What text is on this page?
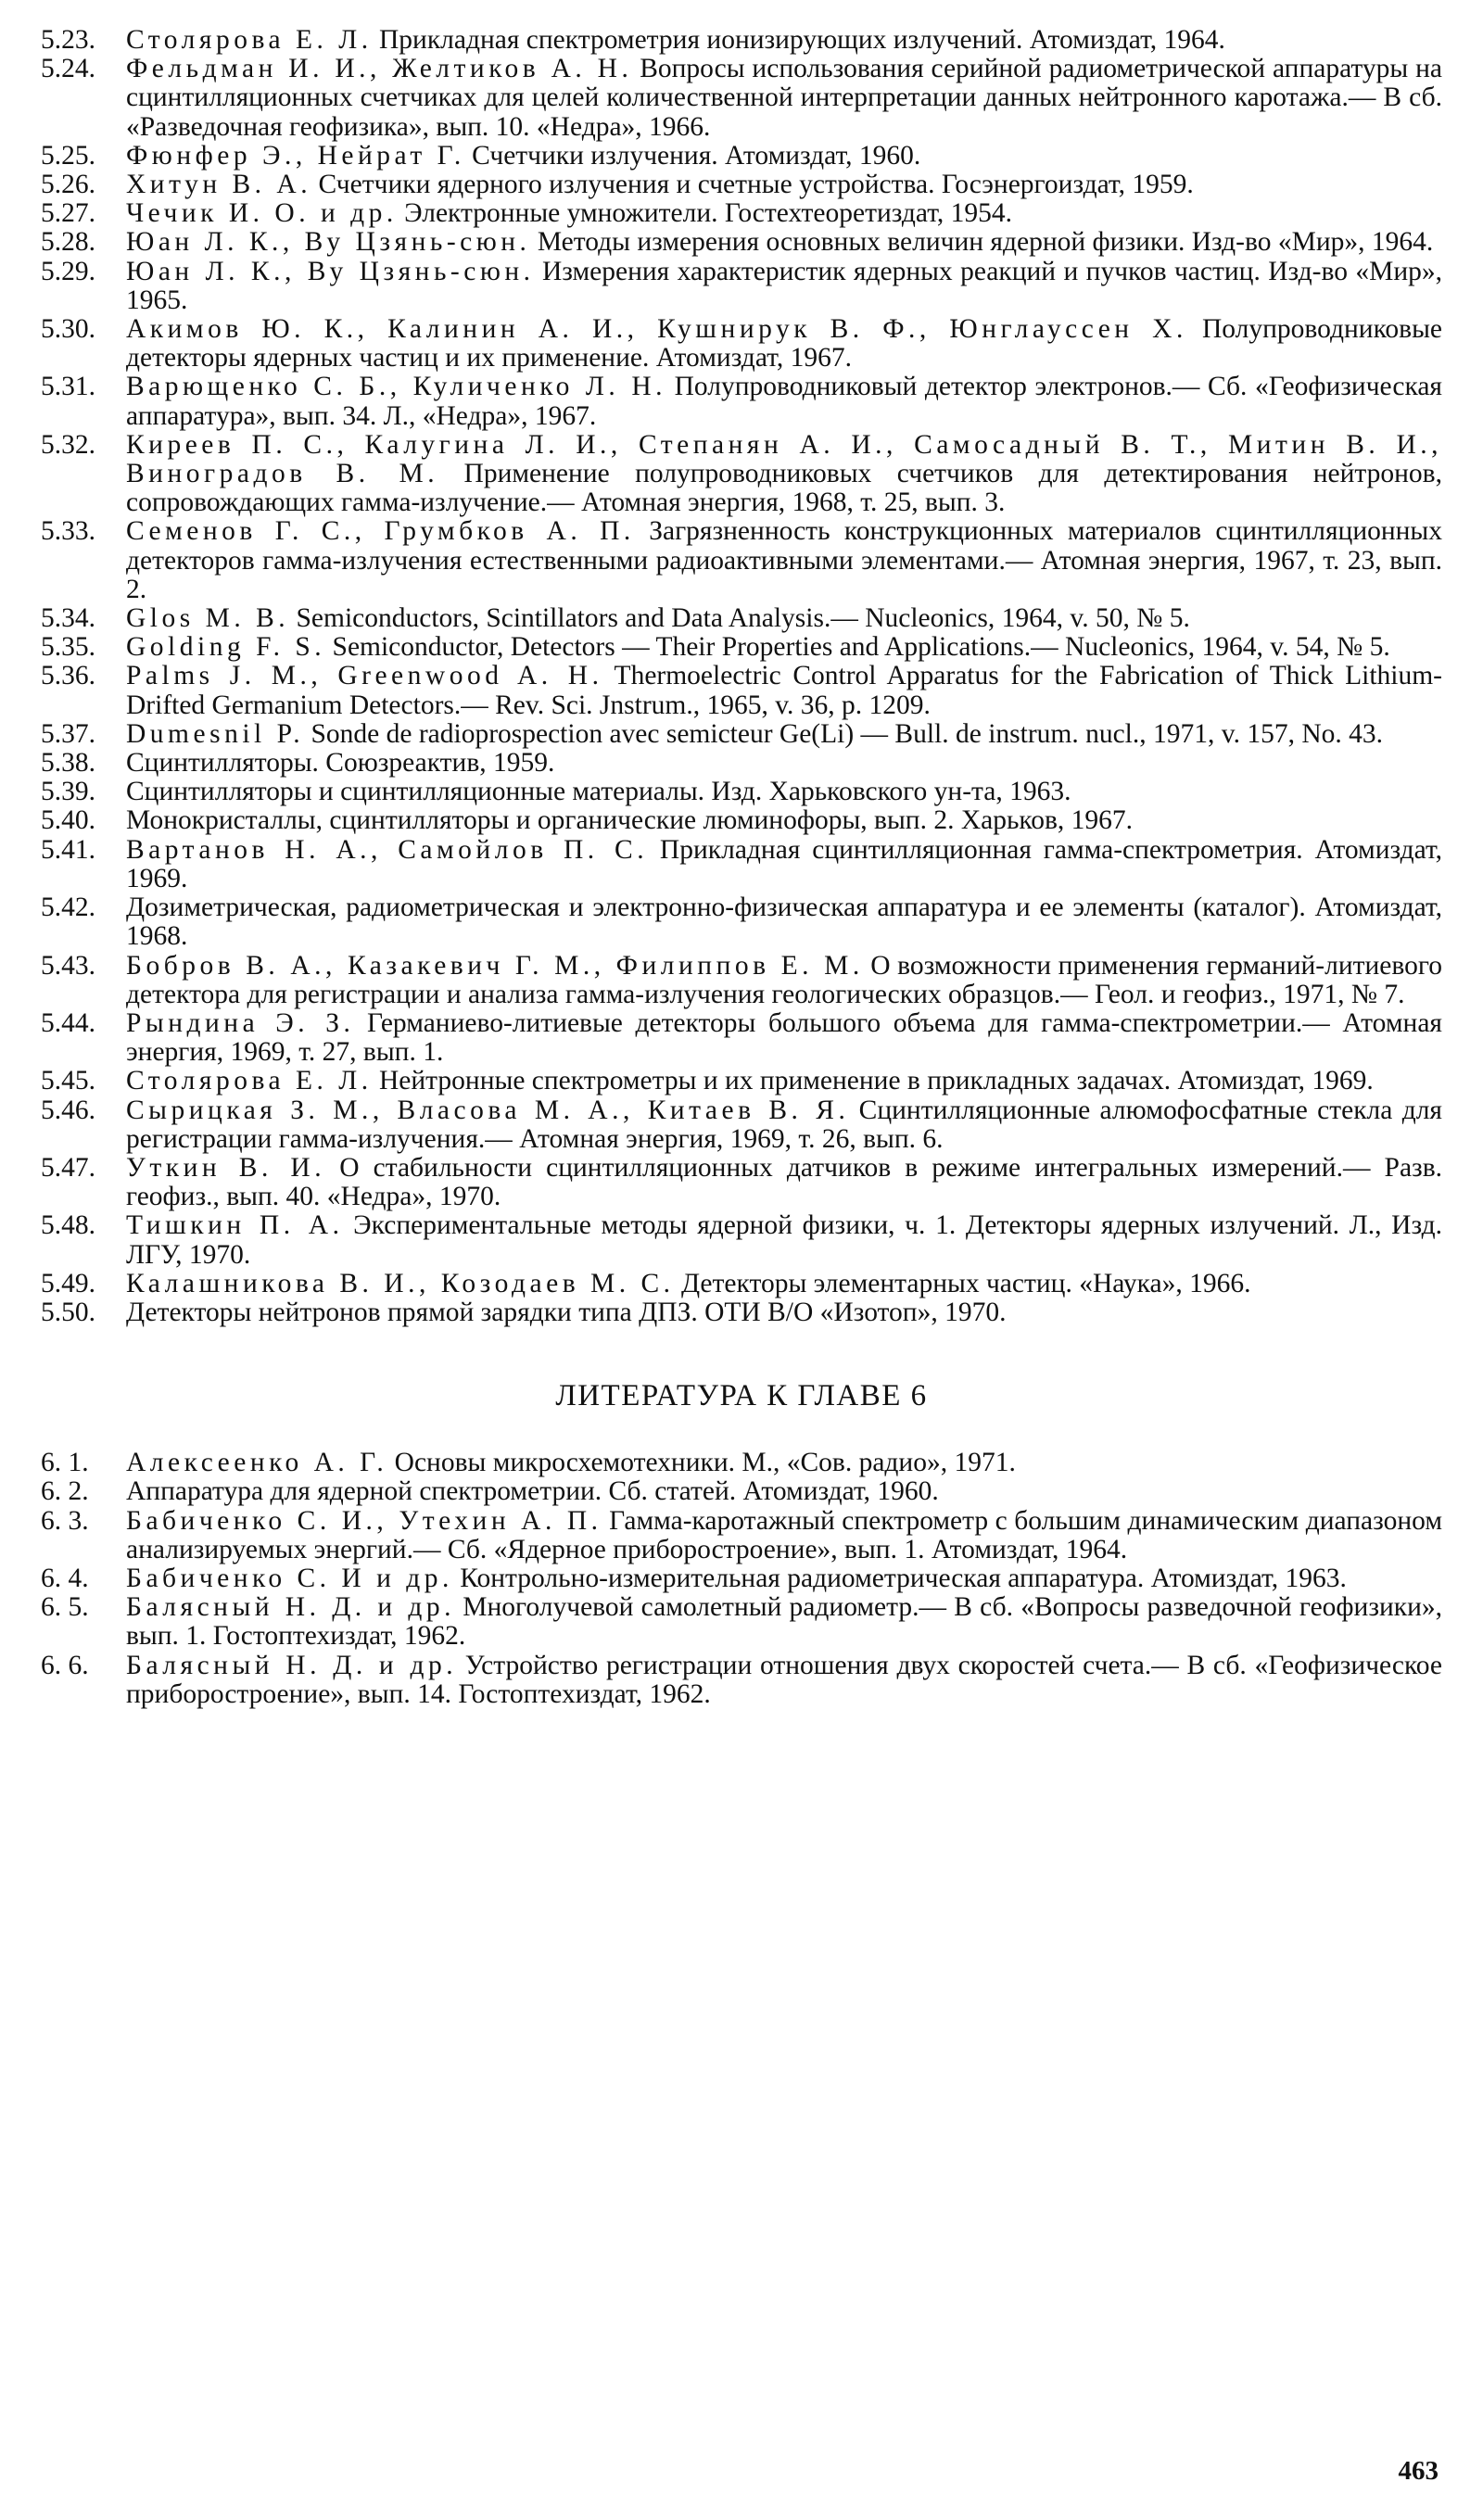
5.23.	Столярова Е. Л. Прикладная спектрометрия ионизирующих излучений. Атомиздат, 1964.
5.24.	Фельдман И. И., Желтиков А. Н. Вопросы использования серийной радиометрической аппаратуры на сцинтилляционных счетчиках для целей количественной интерпретации данных нейтронного каротажа.— В сб. «Разведочная геофизика», вып. 10. «Недра», 1966.
5.25.	Фюнфер Э., Нейрат Г. Счетчики излучения. Атомиздат, 1960.
5.26.	Хитун В. А. Счетчики ядерного излучения и счетные устройства. Госэнергоиздат, 1959.
5.27.	Чечик И. О. и др. Электронные умножители. Гостехтеоретиздат, 1954.
5.28.	Юан Л. К., Ву Цзянь-сюн. Методы измерения основных величин ядерной физики. Изд-во «Мир», 1964.
5.29.	Юан Л. К., Ву Цзянь-сюн. Измерения характеристик ядерных реакций и пучков частиц. Изд-во «Мир», 1965.
5.30.	Акимов Ю. К., Калинин А. И., Кушнирук В. Ф., Юнглауссен Х. Полупроводниковые детекторы ядерных частиц и их применение. Атомиздат, 1967.
5.31.	Варющенко С. Б., Куличенко Л. Н. Полупроводниковый детектор электронов.— Сб. «Геофизическая аппаратура», вып. 34. Л., «Недра», 1967.
5.32.	Киреев П. С., Калугина Л. И., Степанян А. И., Самосадный В. Т., Митин В. И., Виноградов В. М. Применение полупроводниковых счетчиков для детектирования нейтронов, сопровождающих гамма-излучение.— Атомная энергия, 1968, т. 25, вып. 3.
5.33.	Семенов Г. С., Грумбков А. П. Загрязненность конструкционных материалов сцинтилляционных детекторов гамма-излучения естественными радиоактивными элементами.— Атомная энергия, 1967, т. 23, вып. 2.
5.34.	Glos M. B. Semiconductors, Scintillators and Data Analysis.— Nucleonics, 1964, v. 50, № 5.
5.35.	Golding F. S. Semiconductor, Detectors — Their Properties and Applications.— Nucleonics, 1964, v. 54, № 5.
5.36.	Palms J. M., Greenwood A. H. Thermoelectric Control Apparatus for the Fabrication of Thick Lithium-Drifted Germanium Detectors.— Rev. Sci. Jnstrum., 1965, v. 36, p. 1209.
5.37.	Dumesnil P. Sonde de radioprospection avec semicteur Ge(Li) — Bull. de instrum. nucl., 1971, v. 157, No. 43.
5.38.	Сцинтилляторы. Союзреактив, 1959.
5.39.	Сцинтилляторы и сцинтилляционные материалы. Изд. Харьковского ун-та, 1963.
5.40.	Монокристаллы, сцинтилляторы и органические люминофоры, вып. 2. Харьков, 1967.
5.41.	Вартанов Н. А., Самойлов П. С. Прикладная сцинтилляционная гамма-спектрометрия. Атомиздат, 1969.
5.42.	Дозиметрическая, радиометрическая и электронно-физическая аппаратура и ее элементы (каталог). Атомиздат, 1968.
5.43.	Бобров В. А., Казакевич Г. М., Филиппов Е. М. О возможности применения германий-литиевого детектора для регистрации и анализа гамма-излучения геологических образцов.— Геол. и геофиз., 1971, № 7.
5.44.	Рындина Э. З. Германиево-литиевые детекторы большого объема для гамма-спектрометрии.— Атомная энергия, 1969, т. 27, вып. 1.
5.45.	Столярова Е. Л. Нейтронные спектрометры и их применение в прикладных задачах. Атомиздат, 1969.
5.46.	Сырицкая З. М., Власова М. А., Китаев В. Я. Сцинтилляционные алюмофосфатные стекла для регистрации гамма-излучения.— Атомная энергия, 1969, т. 26, вып. 6.
5.47.	Уткин В. И. О стабильности сцинтилляционных датчиков в режиме интегральных измерений.— Разв. геофиз., вып. 40. «Недра», 1970.
5.48.	Тишкин П. А. Экспериментальные методы ядерной физики, ч. 1. Детекторы ядерных излучений. Л., Изд. ЛГУ, 1970.
5.49.	Калашникова В. И., Козодаев М. С. Детекторы элементарных частиц. «Наука», 1966.
5.50.	Детекторы нейтронов прямой зарядки типа ДПЗ. ОТИ В/О «Изотоп», 1970.
ЛИТЕРАТУРА К ГЛАВЕ 6
6. 1.	Алексеенко А. Г. Основы микросхемотехники. М., «Сов. радио», 1971.
6. 2.	Аппаратура для ядерной спектрометрии. Сб. статей. Атомиздат, 1960.
6. 3.	Бабиченко С. И., Утехин А. П. Гамма-каротажный спектрометр с большим динамическим диапазоном анализируемых энергий.— Сб. «Ядерное приборостроение», вып. 1. Атомиздат, 1964.
6. 4.	Бабиченко С. И и др. Контрольно-измерительная радиометрическая аппаратура. Атомиздат, 1963.
6. 5.	Балясный Н. Д. и др. Многолучевой самолетный радиометр.— В сб. «Вопросы разведочной геофизики», вып. 1. Гостоптехиздат, 1962.
6. 6.	Балясный Н. Д. и др. Устройство регистрации отношения двух скоростей счета.— В сб. «Геофизическое приборостроение», вып. 14. Гостоптехиздат, 1962.
463
